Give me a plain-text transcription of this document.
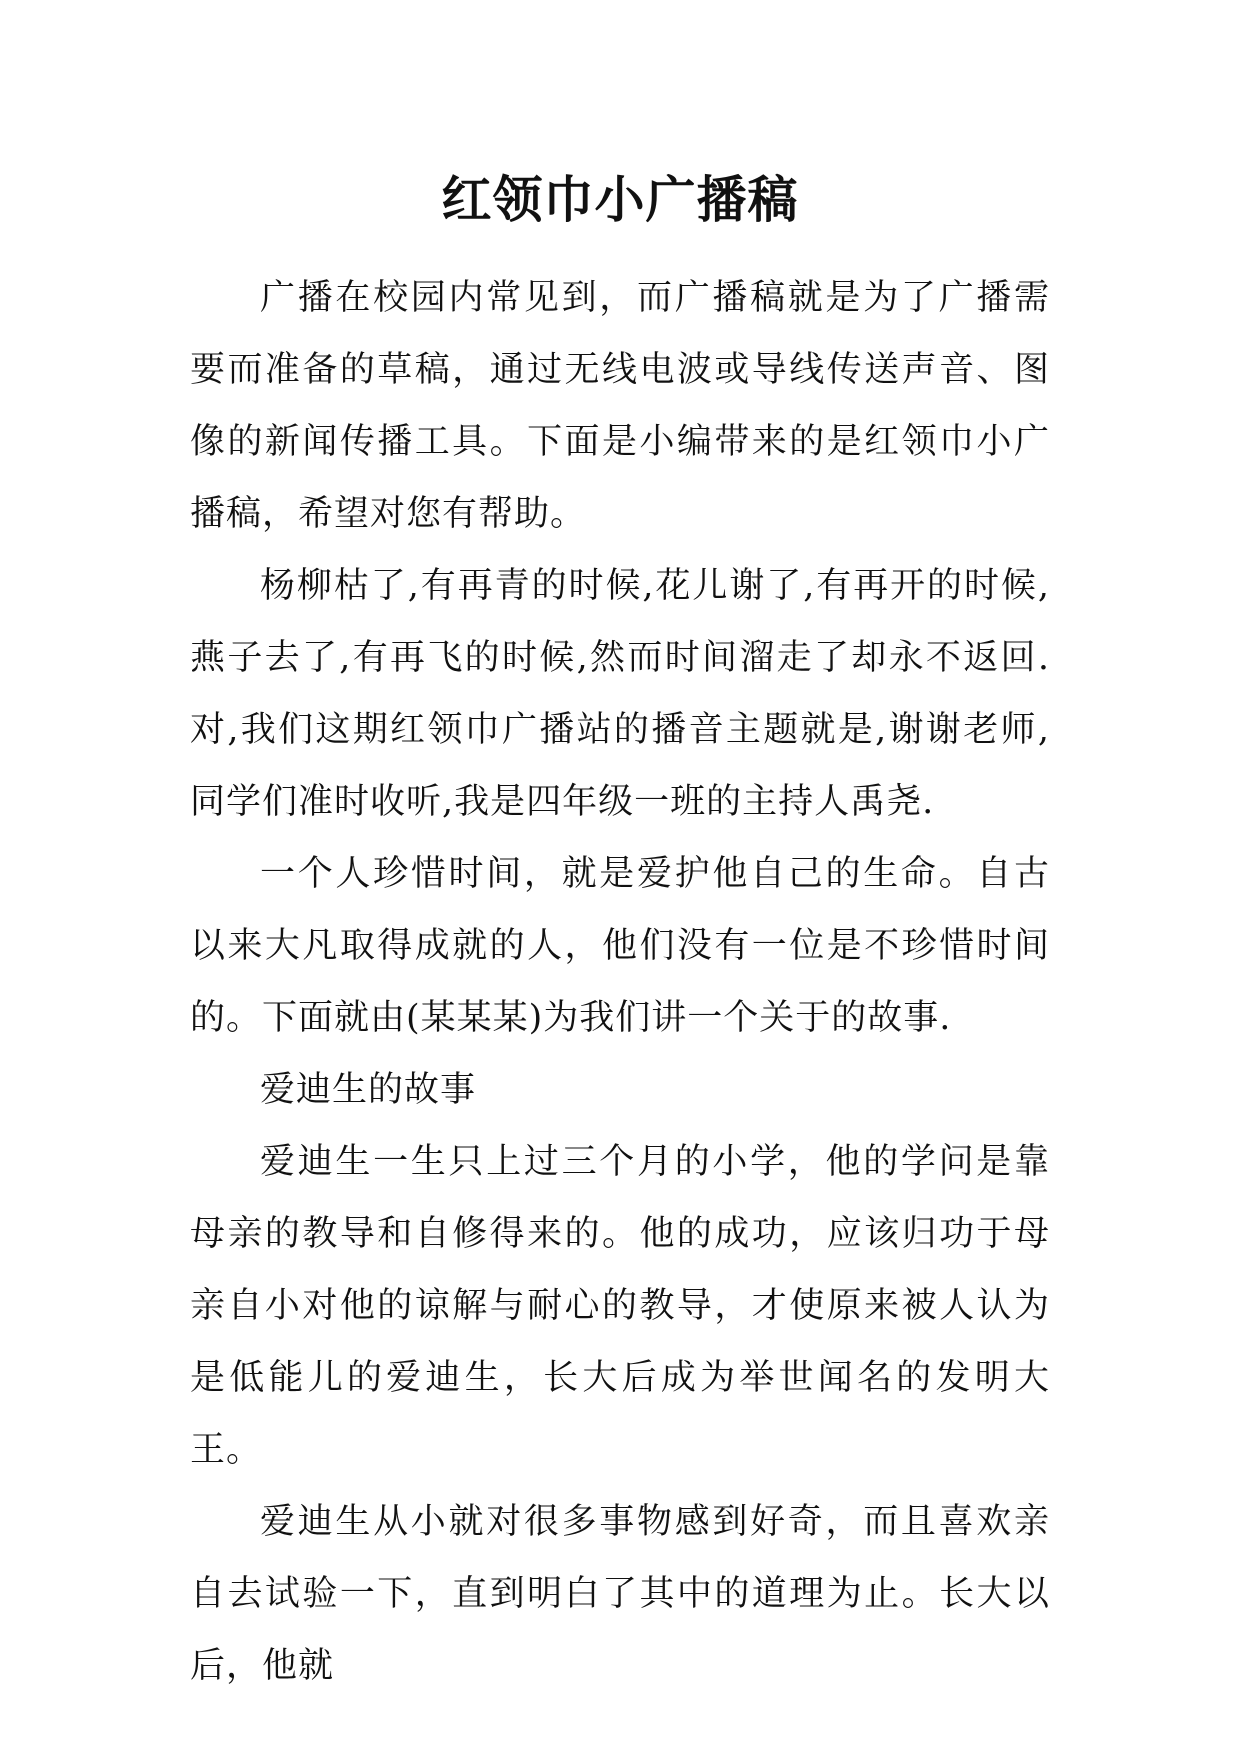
红领巾小广播稿

广播在校园内常见到，而广播稿就是为了广播需要而准备的草稿，通过无线电波或导线传送声音、图像的新闻传播工具。下面是小编带来的是红领巾小广播稿，希望对您有帮助。

杨柳枯了,有再青的时候,花儿谢了,有再开的时候,燕子去了,有再飞的时候,然而时间溜走了却永不返回.对,我们这期红领巾广播站的播音主题就是,谢谢老师,同学们准时收听,我是四年级一班的主持人禹尧.

一个人珍惜时间，就是爱护他自己的生命。自古以来大凡取得成就的人，他们没有一位是不珍惜时间的。下面就由(某某某)为我们讲一个关于的故事.

爱迪生的故事

爱迪生一生只上过三个月的小学，他的学问是靠母亲的教导和自修得来的。他的成功，应该归功于母亲自小对他的谅解与耐心的教导，才使原来被人认为是低能儿的爱迪生，长大后成为举世闻名的发明大王。

爱迪生从小就对很多事物感到好奇，而且喜欢亲自去试验一下，直到明白了其中的道理为止。长大以后，他就
